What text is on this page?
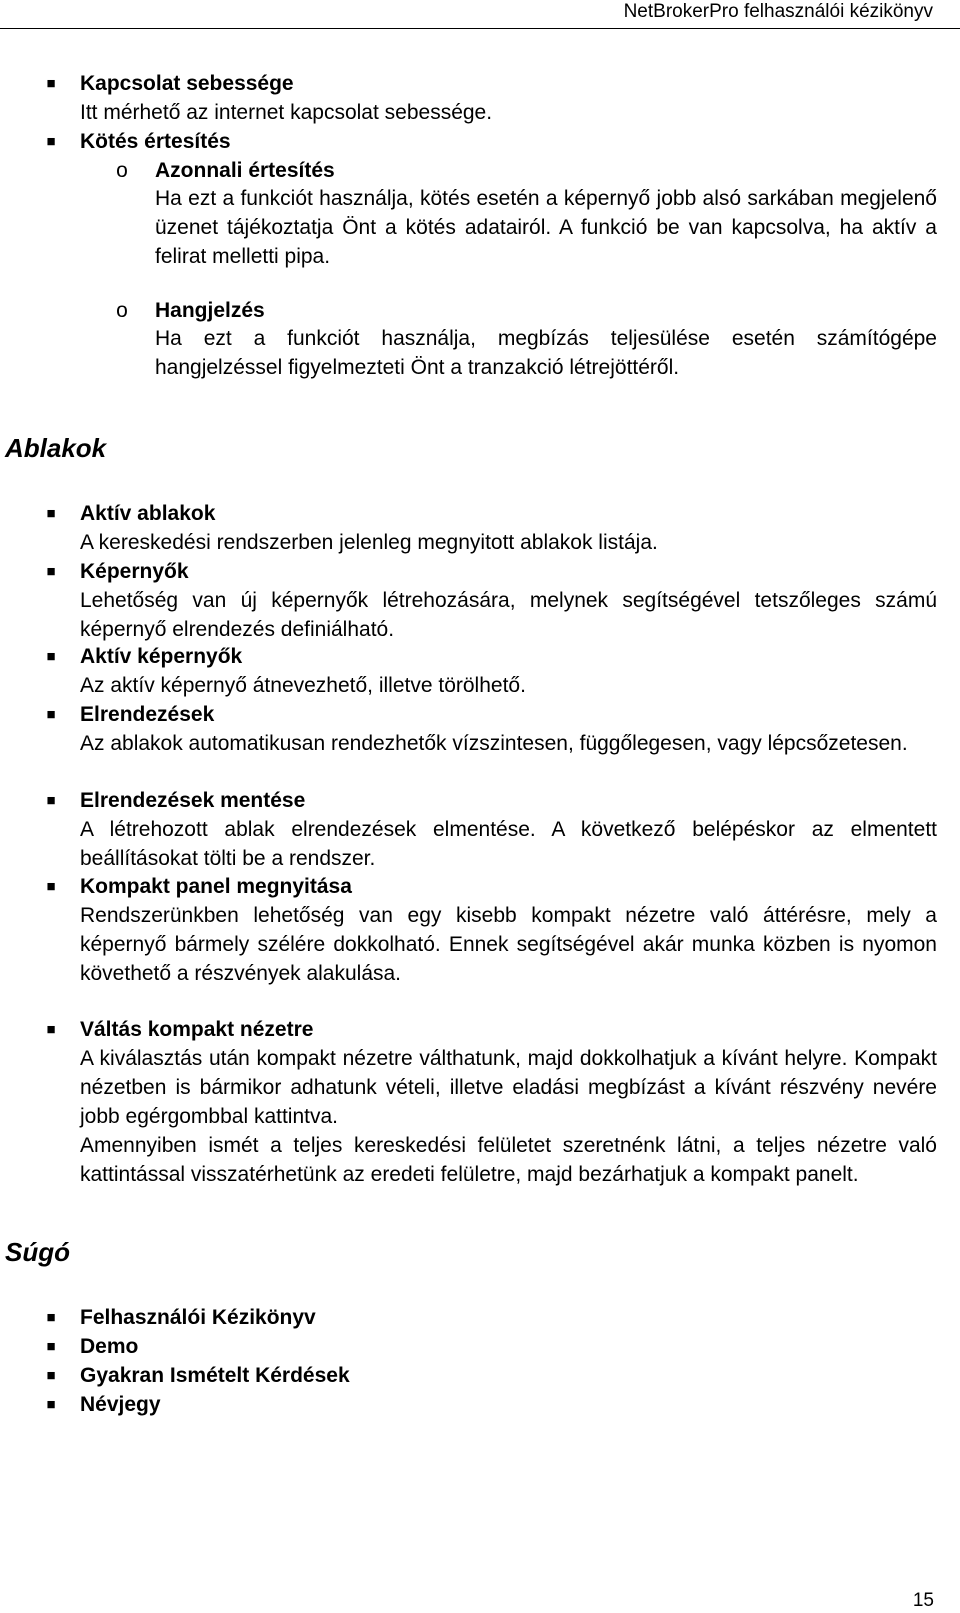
NetBrokerPro felhasználói kézikönyv
■	Kapcsolat sebessége

Itt mérhető az internet kapcsolat sebessége.

■	Kötés értesítés

o Azonnali értesítés

Ha ezt a funkciót használja, kötés esetén a képernyő jobb alsó sarkában megjelenő üzenet tájékoztatja Önt a kötés adatairól. A funkció be van kapcsolva, ha aktív a felirat melletti pipa.

o Hangjelzés

Ha ezt a funkciót használja, megbízás teljesülése esetén számítógépe hangjelzéssel figyelmezteti Önt a tranzakció létrejöttéről.

Ablakok
■	Aktív ablakok

A kereskedési rendszerben jelenleg megnyitott ablakok listája.

■	Képernyők

Lehetőség van új képernyők létrehozására, melynek segítségével tetszőleges számú képernyő elrendezés definiálható.

■	Aktív képernyők

Az aktív képernyő átnevezhető, illetve törölhető.

■	Elrendezések

Az ablakok automatikusan rendezhetők vízszintesen, függőlegesen, vagy lépcsőzetesen.

■	Elrendezések mentése

A létrehozott ablak elrendezések elmentése. A következő belépéskor az elmentett beállításokat tölti be a rendszer.

■	Kompakt panel megnyitása

Rendszerünkben lehetőség van egy kisebb kompakt nézetre való áttérésre, mely a képernyő bármely szélére dokkolható. Ennek segítségével akár munka közben is nyomon követhető a részvények alakulása.

■	Váltás kompakt nézetre

A kiválasztás után kompakt nézetre válthatunk, majd dokkolhatjuk a kívánt helyre. Kompakt nézetben is bármikor adhatunk vételi, illetve eladási megbízást a kívánt részvény nevére jobb egérgombbal kattintva.

Amennyiben ismét a teljes kereskedési felületet szeretnénk látni, a teljes nézetre való kattintással visszatérhetünk az eredeti felületre, majd bezárhatjuk a kompakt panelt.

Súgó
■	Felhasználói Kézikönyv

■	Demo

■	Gyakran Ismételt Kérdések

■	Névjegy

15
